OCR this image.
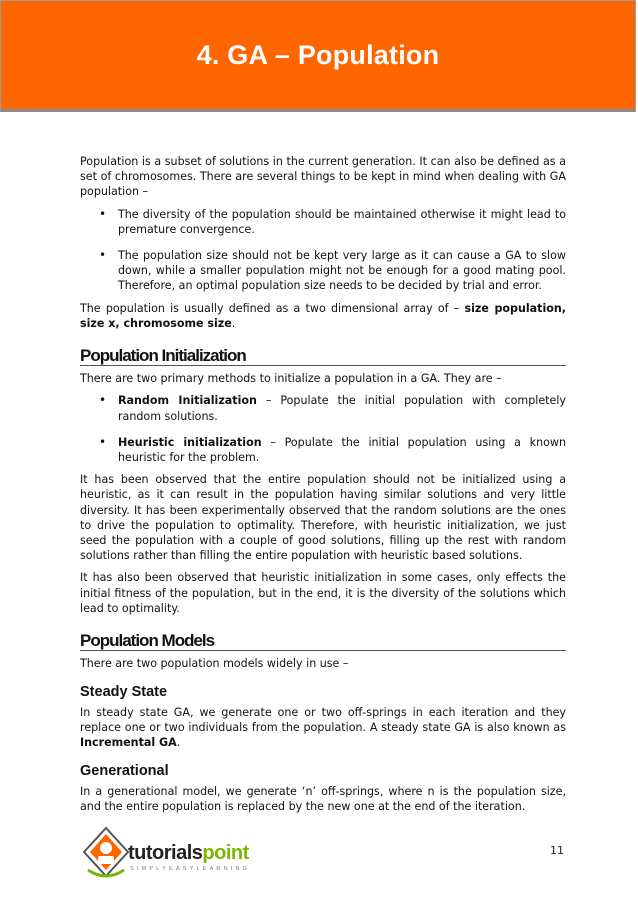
4. GA – Population

Population is a subset of solutions in the current generation. It can also be defined as a set of chromosomes. There are several things to be kept in mind when dealing with GA population –

• The diversity of the population should be maintained otherwise it might lead to premature convergence.
• The population size should not be kept very large as it can cause a GA to slow down, while a smaller population might not be enough for a good mating pool. Therefore, an optimal population size needs to be decided by trial and error.

The population is usually defined as a two dimensional array of – size population, size x, chromosome size.

Population Initialization

There are two primary methods to initialize a population in a GA. They are –

• Random Initialization – Populate the initial population with completely random solutions.
• Heuristic initialization – Populate the initial population using a known heuristic for the problem.

It has been observed that the entire population should not be initialized using a heuristic, as it can result in the population having similar solutions and very little diversity. It has been experimentally observed that the random solutions are the ones to drive the population to optimality. Therefore, with heuristic initialization, we just seed the population with a couple of good solutions, filling up the rest with random solutions rather than filling the entire population with heuristic based solutions.

It has also been observed that heuristic initialization in some cases, only effects the initial fitness of the population, but in the end, it is the diversity of the solutions which lead to optimality.

Population Models

There are two population models widely in use –

Steady State

In steady state GA, we generate one or two off-springs in each iteration and they replace one or two individuals from the population. A steady state GA is also known as Incremental GA.

Generational

In a generational model, we generate ‘n’ off-springs, where n is the population size, and the entire population is replaced by the new one at the end of the iteration.

tutorialspoint
SIMPLYEASYLEARNING
11
